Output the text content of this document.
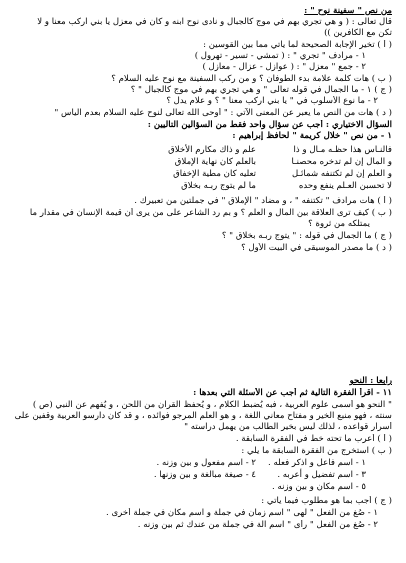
من نص " سفينة نوح " :
قال تعالى : ( و هي تجري بهم في موج كالجبال و نادى نوح ابنه و كان في معزل يا بني اركب معنا و لا
تكن مع الكافرين ))
( أ ) تخير الإجابة الصحيحة لما يأتي مما بين القوسين :
١ - مرادف " تجري " : ( تمشي - تسير - تهرول )
٢ - جمع " معزل " : ( عوازل - عزال - معازل )
( ب ) هات كلمة علامة بدء الطوفان ؟ و من ركب السفينة مع نوح عليه السلام ؟
( ج ) ١ - ما الجمال في قوله تعالى " و هي تجري بهم في موج كالجبال " ؟
٢ - ما نوع الأسلوب في " يا بني اركب معنا " ؟ و علام يدل ؟
( د ) هات من النص ما يعبر عن المعنى الآتي : " أوحى الله تعالى لنوح عليه السلام بعدم اليأس "
السؤال الاختياري : أجب عن سؤال واحد فقط من السؤالين التاليين :
١ - من نص " خلال كريمة " لحافظ إبراهيم :
فالنـاس هذا حظـه مـال و ذا
علم و ذاك مكارم الأخلاق
و المال إن لم تدخره محصنـا
بالعلم كان نهاية الإملاق
و العلم إن لم تكتنفه شمائـل
تعليه كان مطية الإخفاق
لا تحسبن العـلم ينفع وحده
ما لم يتوج ربـه بخلاق
( أ ) هات مرادف " تكتنفه " ، و مضاد " الإملاق " في جملتين من تعبيرك .
( ب ) كيف ترى العلاقة بين المال و العلم ؟ و بم رد الشاعر على من يرى أن قيمة الإنسان في مقدار ما
يمتلكه من ثروة ؟
( ج ) ما الجمال في قوله : " يتوج ربـه بخلاق " ؟
( د ) ما مصدر الموسيقى في البيت الأول ؟
رابعا : النحو
١١ - اقرأ الفقرة التالية ثم أجب عن الأسئلة التي بعدها :
" النحو هو أسمى علوم العربية ، فبه يُضبط الكلام ، و يُحفظ القرآن من اللحن ، و يُفهم عن النبي (ص )
سنته ، فهو منبع الخير و مفتاح معاني اللغة ، و هو العلم المرجو فوائده ، و قد كان دارسو العربية وقفين على
أسرار قواعده ، لذلك ليس بخير الطالب من يهمل دراسته "
( أ ) أعرب ما تحته خط في الفقرة السابقة .
( ب ) استخرج من الفقرة السابقة ما يلي :
١ - اسم فاعل و اذكر فعله .
٢ - اسم مفعول و بين وزنه .
٣ - اسم تفضيل و أعربه .
٤ - صيغة مبالغة و بين وزنها .
٥ - اسم مكان و بين وزنه .
( ج ) أجب بما هو مطلوب فيما يأتي :
١ - صُغ من الفعل " لهى " اسم زمان في جملة و اسم مكان في جملة أخرى .
٢ - صُغ من الفعل " رأى " اسم آلة في جملة من عندك ثم بين وزنه .
